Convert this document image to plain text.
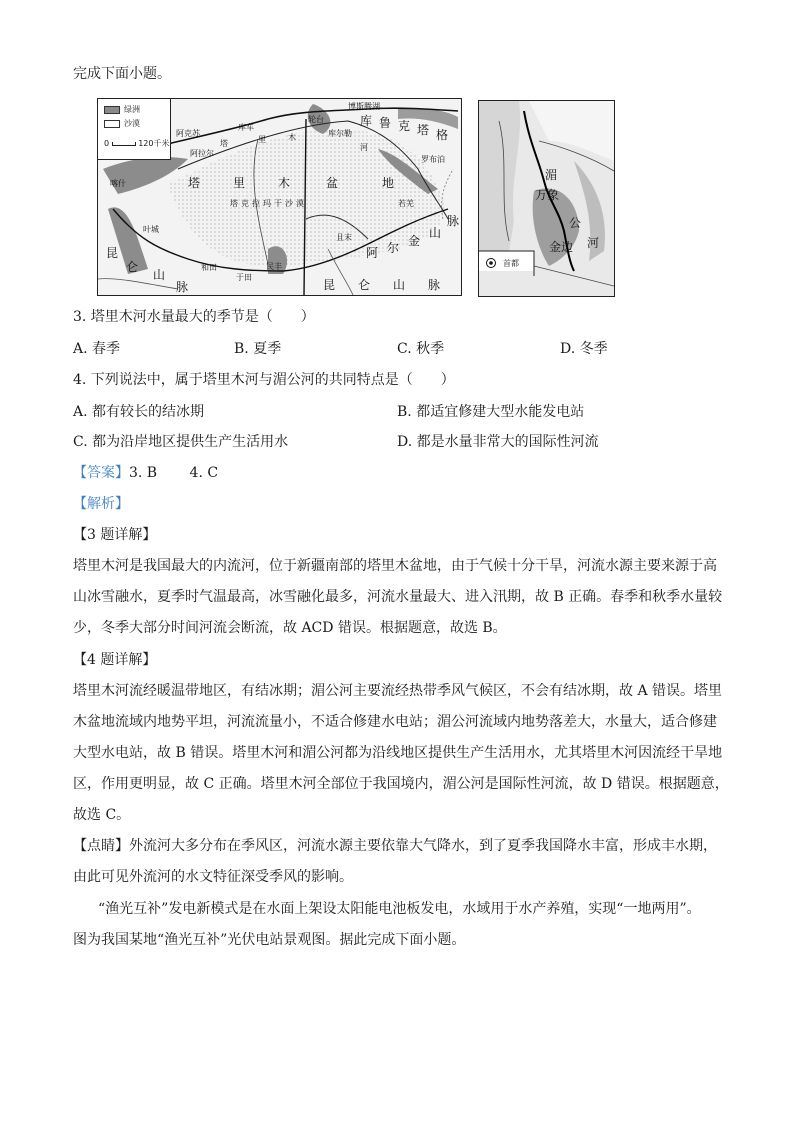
完成下面小题。
绿洲
沙漠
0	120千米
阿克苏
阿拉尔
库车
轮台
库尔勒
博斯腾湖
罗布泊
喀什
叶城
和田
于田
民丰
且末
若羌
塔	里	木	盆	地
塔克拉玛干沙漠
塔	里	木
河
库 鲁 克 塔 格
阿 尔 金
山
脉
昆 仑 山 脉
昆
仑
山
脉
湄
万象
公
金边 河
首都
3. 塔里木河水量最大的季节是（　　）
A. 春季	B. 夏季	C. 秋季	D. 冬季
4. 下列说法中，属于塔里木河与湄公河的共同特点是（　　）
A. 都有较长的结冰期	B. 都适宜修建大型水能发电站
C. 都为沿岸地区提供生产生活用水	D. 都是水量非常大的国际性河流
【答案】3. B　　 4. C
【解析】
【3 题详解】
塔里木河是我国最大的内流河，位于新疆南部的塔里木盆地，由于气候十分干旱，河流水源主要来源于高
山冰雪融水，夏季时气温最高，冰雪融化最多，河流水量最大、进入汛期，故 B 正确。春季和秋季水量较
少，冬季大部分时间河流会断流，故 ACD 错误。根据题意，故选 B。
【4 题详解】
塔里木河流经暖温带地区，有结冰期；湄公河主要流经热带季风气候区，不会有结冰期，故 A 错误。塔里
木盆地流域内地势平坦，河流流量小，不适合修建水电站；湄公河流域内地势落差大，水量大，适合修建
大型水电站，故 B 错误。塔里木河和湄公河都为沿线地区提供生产生活用水，尤其塔里木河因流经干旱地
区，作用更明显，故 C 正确。塔里木河全部位于我国境内，湄公河是国际性河流，故 D 错误。根据题意，
故选 C。
【点睛】外流河大多分布在季风区，河流水源主要依靠大气降水，到了夏季我国降水丰富，形成丰水期，
由此可见外流河的水文特征深受季风的影响。
“渔光互补”发电新模式是在水面上架设太阳能电池板发电，水域用于水产养殖，实现“一地两用”。
图为我国某地“渔光互补”光伏电站景观图。据此完成下面小题。
